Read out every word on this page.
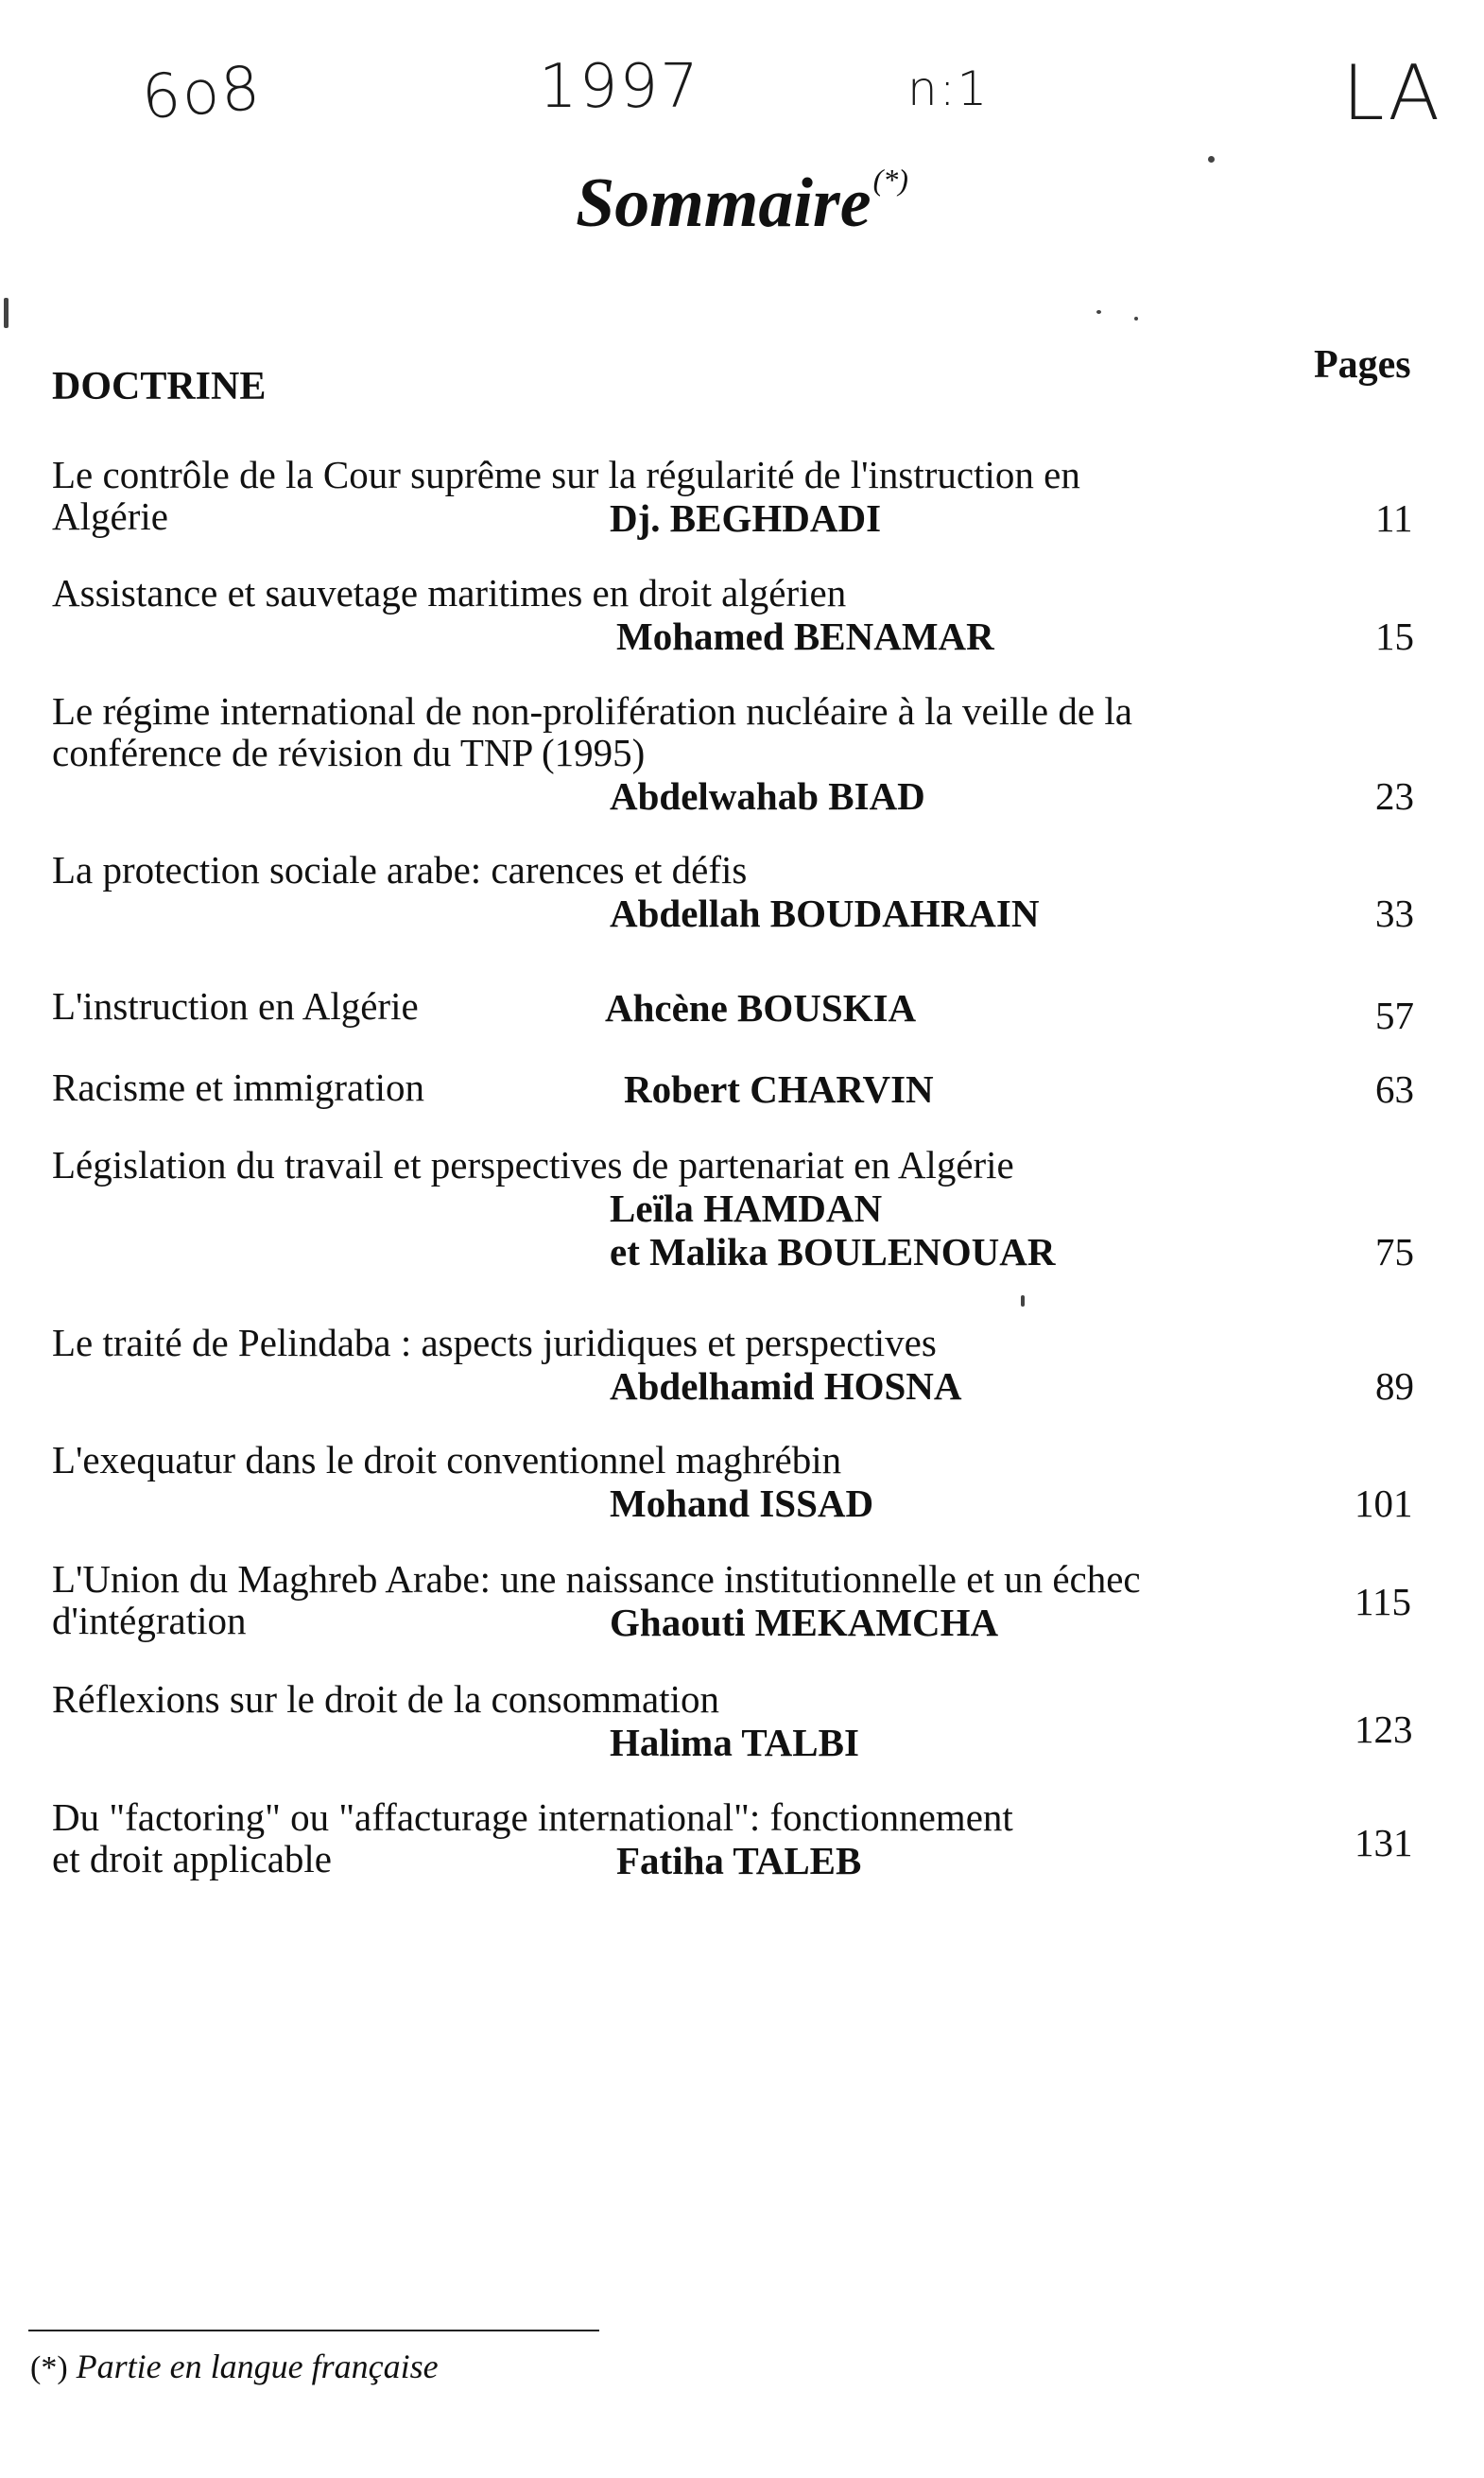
6o8	1997	n:1	LA
Sommaire(*)
DOCTRINE	Pages
Le contrôle de la Cour suprême sur la régularité de l'instruction en
Algérie	Dj. BEGHDADI	11
Assistance et sauvetage maritimes en droit algérien
Mohamed BENAMAR	15
Le régime international de non-prolifération nucléaire à la veille de la
conférence de révision du TNP (1995)
Abdelwahab BIAD	23
La protection sociale arabe: carences et défis
Abdellah BOUDAHRAIN	33
L'instruction en Algérie	Ahcène BOUSKIA	57
Racisme et immigration	Robert CHARVIN	63
Législation du travail et perspectives de partenariat en Algérie
Leïla HAMDAN
et Malika BOULENOUAR	75
Le traité de Pelindaba : aspects juridiques et perspectives
Abdelhamid HOSNA	89
L'exequatur dans le droit conventionnel maghrébin
Mohand ISSAD	101
L'Union du Maghreb Arabe: une naissance institutionnelle et un échec
d'intégration	Ghaouti MEKAMCHA	115
Réflexions sur le droit de la consommation
Halima TALBI	123
Du "factoring" ou "affacturage international": fonctionnement
et droit applicable	Fatiha TALEB	131
(*) Partie en langue française
